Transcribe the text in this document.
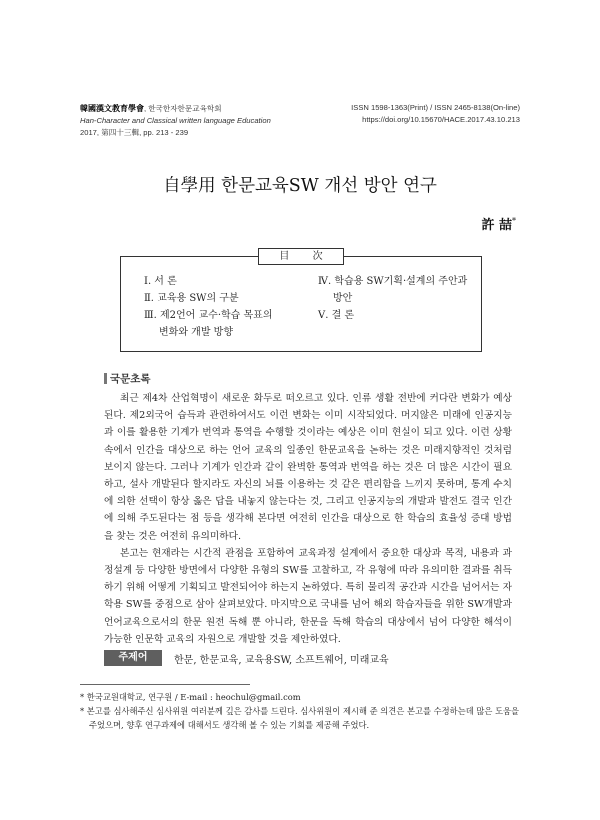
韓國漢文教育學會, 한국한자한문교육학회
Han-Character and Classical written language Education
2017, 第四十三輯, pp. 213 - 239
ISSN 1598-1363(Print) / ISSN 2465-8138(On-line)
https://doi.org/10.15670/HACE.2017.43.10.213
自學用 한문교육SW 개선 방안 연구
許 喆*
目 次
Ⅰ. 서 론
Ⅱ. 교육용 SW의 구분
Ⅲ. 제2언어 교수·학습 목표의
변화와 개발 방향
Ⅳ. 학습용 SW기획·설계의 주안과
방안
Ⅴ. 결 론
국문초록

최근 제4차 산업혁명이 새로운 화두로 떠오르고 있다. 인류 생활 전반에 커다란 변화가 예상된다. 제2외국어 습득과 관련하여서도 이런 변화는 이미 시작되었다. 머지않은 미래에 인공지능과 이를 활용한 기계가 번역과 통역을 수행할 것이라는 예상은 이미 현실이 되고 있다. 이런 상황 속에서 인간을 대상으로 하는 언어 교육의 일종인 한문교육을 논하는 것은 미래지향적인 것처럼 보이지 않는다. 그러나 기계가 인간과 같이 완벽한 통역과 번역을 하는 것은 더 많은 시간이 필요하고, 설사 개발된다 할지라도 자신의 뇌를 이용하는 것 같은 편리함을 느끼지 못하며, 통계 수치에 의한 선택이 항상 옳은 답을 내놓지 않는다는 것, 그리고 인공지능의 개발과 발전도 결국 인간에 의해 주도된다는 점 등을 생각해 본다면 여전히 인간을 대상으로 한 학습의 효율성 증대 방법을 찾는 것은 여전히 유의미하다.

본고는 현재라는 시간적 관점을 포함하여 교육과정 설계에서 중요한 대상과 목적, 내용과 과정설계 등 다양한 방면에서 다양한 유형의 SW를 고찰하고, 각 유형에 따라 유의미한 결과를 취득하기 위해 어떻게 기획되고 발전되어야 하는지 논하였다. 특히 물리적 공간과 시간을 넘어서는 자학용 SW를 중점으로 삼아 살펴보았다. 마지막으로 국내를 넘어 해외 학습자들을 위한 SW개발과 언어교육으로서의 한문 원전 독해 뿐 아니라, 한문을 독해 학습의 대상에서 넘어 다양한 해석이 가능한 인문학 교육의 자원으로 개발할 것을 제안하였다.

주제어	한문, 한문교육, 교육용SW, 소프트웨어, 미래교육
* 한국교원대학교, 연구원 / E-mail : heochul@gmail.com
* 본고를 심사해주신 심사위원 여러분께 깊은 감사를 드린다. 심사위원이 제시해 준 의견은 본고를 수정하는데 많은 도움을
주었으며, 향후 연구과제에 대해서도 생각해 볼 수 있는 기회를 제공해 주었다.
